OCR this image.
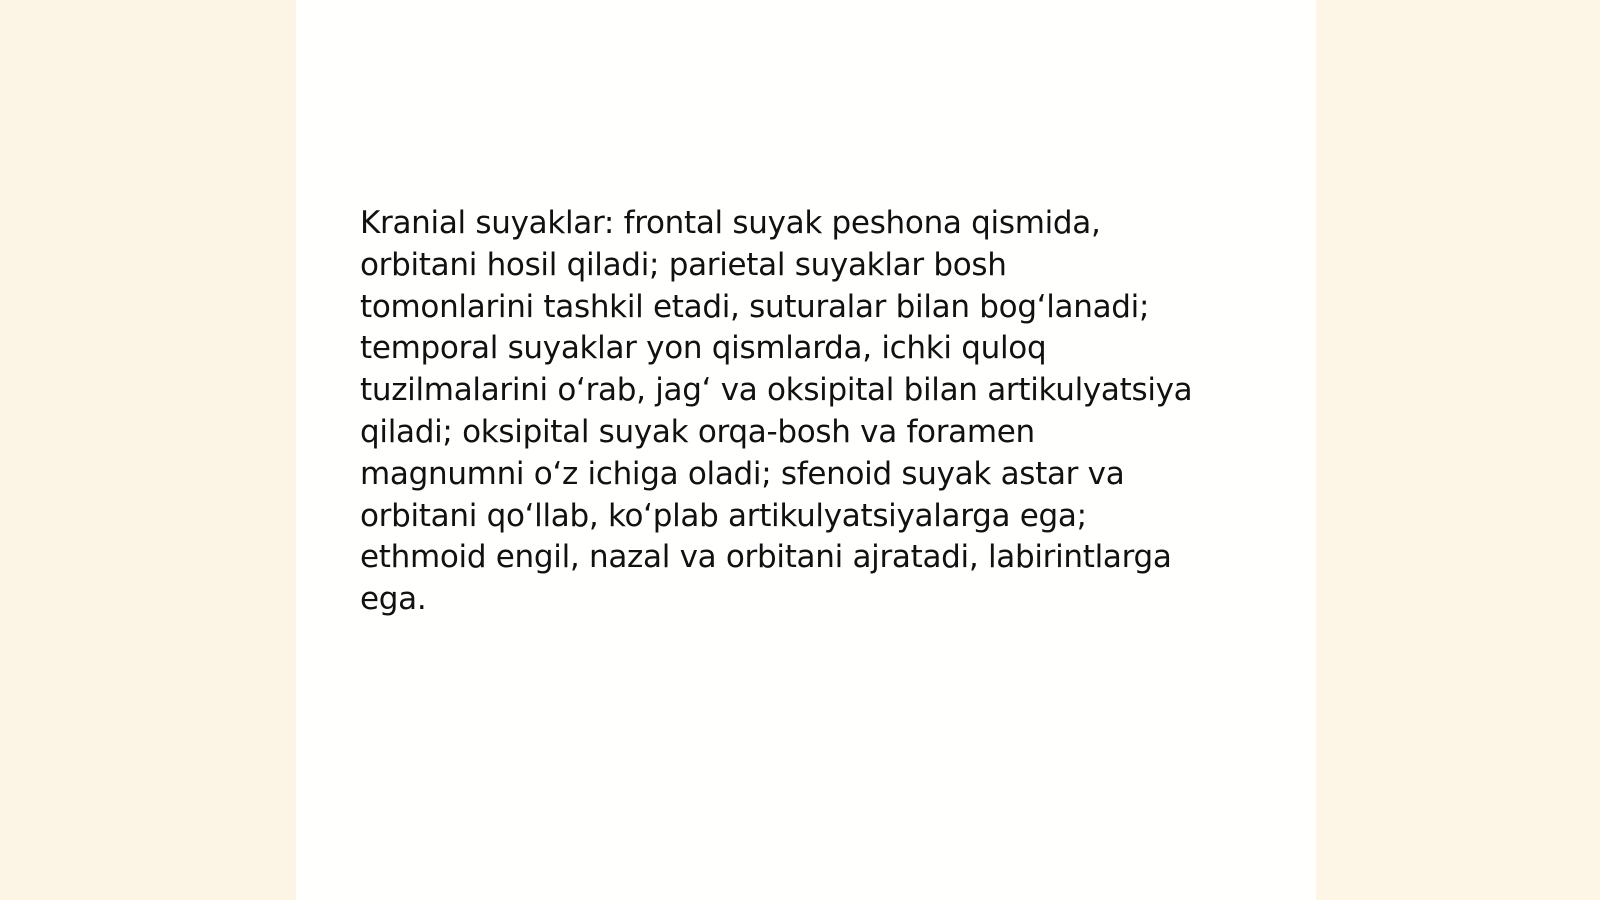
Kranial suyaklar: frontal suyak peshona qismida,
orbitani hosil qiladi; parietal suyaklar bosh
tomonlarini tashkil etadi, suturalar bilan bog‘lanadi;
temporal suyaklar yon qismlarda, ichki quloq
tuzilmalarini o‘rab, jag‘ va oksipital bilan artikulyatsiya
qiladi; oksipital suyak orqa-bosh va foramen
magnumni o‘z ichiga oladi; sfenoid suyak astar va
orbitani qo‘llab, ko‘plab artikulyatsiyalarga ega;
ethmoid engil, nazal va orbitani ajratadi, labirintlarga
ega.
